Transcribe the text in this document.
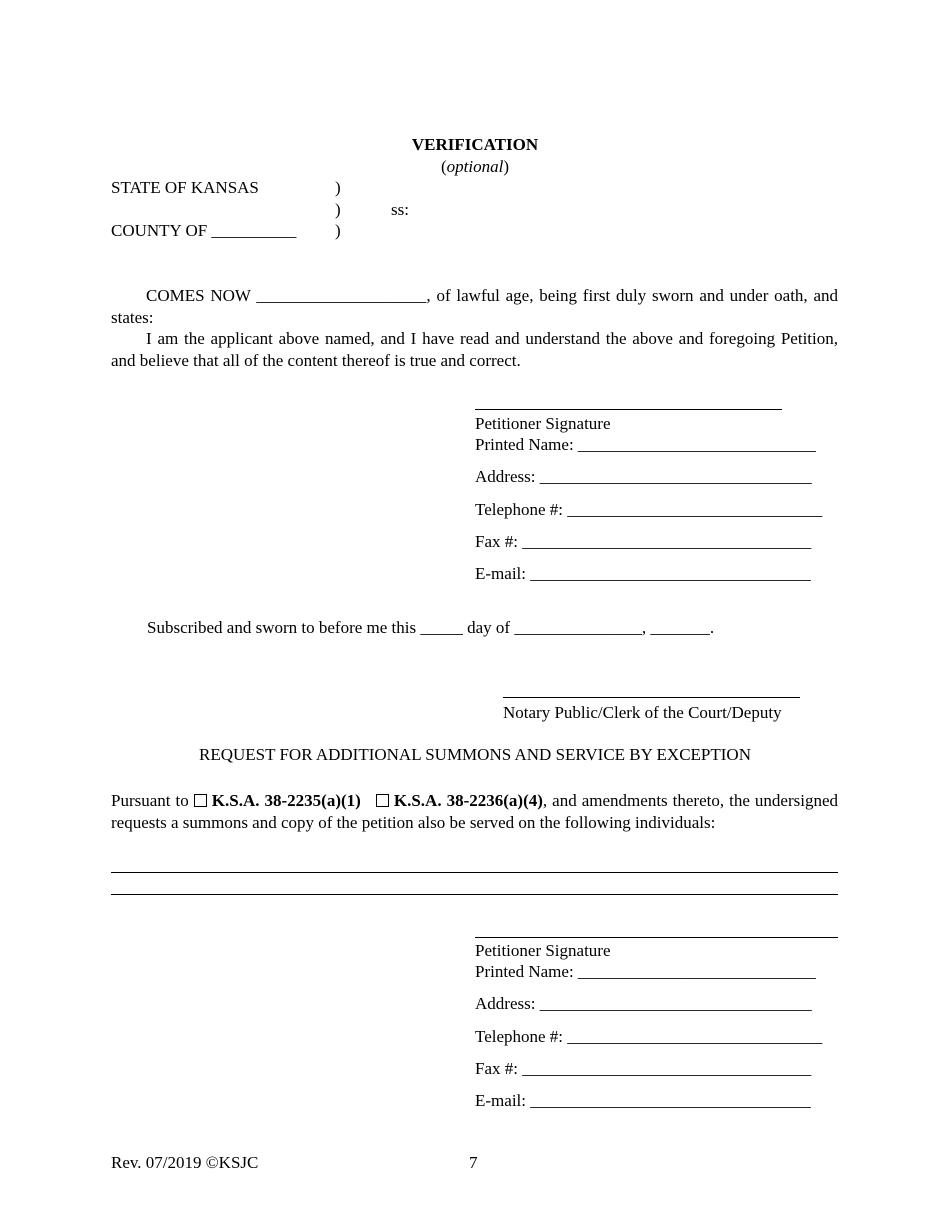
VERIFICATION
(optional)
STATE OF KANSAS	)
)	ss:
COUNTY OF __________ )
COMES NOW ____________________, of lawful age, being first duly sworn and under oath, and states:
I am the applicant above named, and I have read and understand the above and foregoing Petition, and believe that all of the content thereof is true and correct.
Petitioner Signature
Printed Name: ____________________________
Address: ________________________________
Telephone #: ______________________________
Fax #: __________________________________
E-mail: _________________________________
Subscribed and sworn to before me this _____ day of _______________, _______.
Notary Public/Clerk of the Court/Deputy
REQUEST FOR ADDITIONAL SUMMONS AND SERVICE BY EXCEPTION
Pursuant to K.S.A. 38-2235(a)(1) K.S.A. 38-2236(a)(4), and amendments thereto, the undersigned requests a summons and copy of the petition also be served on the following individuals:
Petitioner Signature
Printed Name: ____________________________
Address: ________________________________
Telephone #: ______________________________
Fax #: __________________________________
E-mail: _________________________________
Rev. 07/2019 ©KSJC	7
